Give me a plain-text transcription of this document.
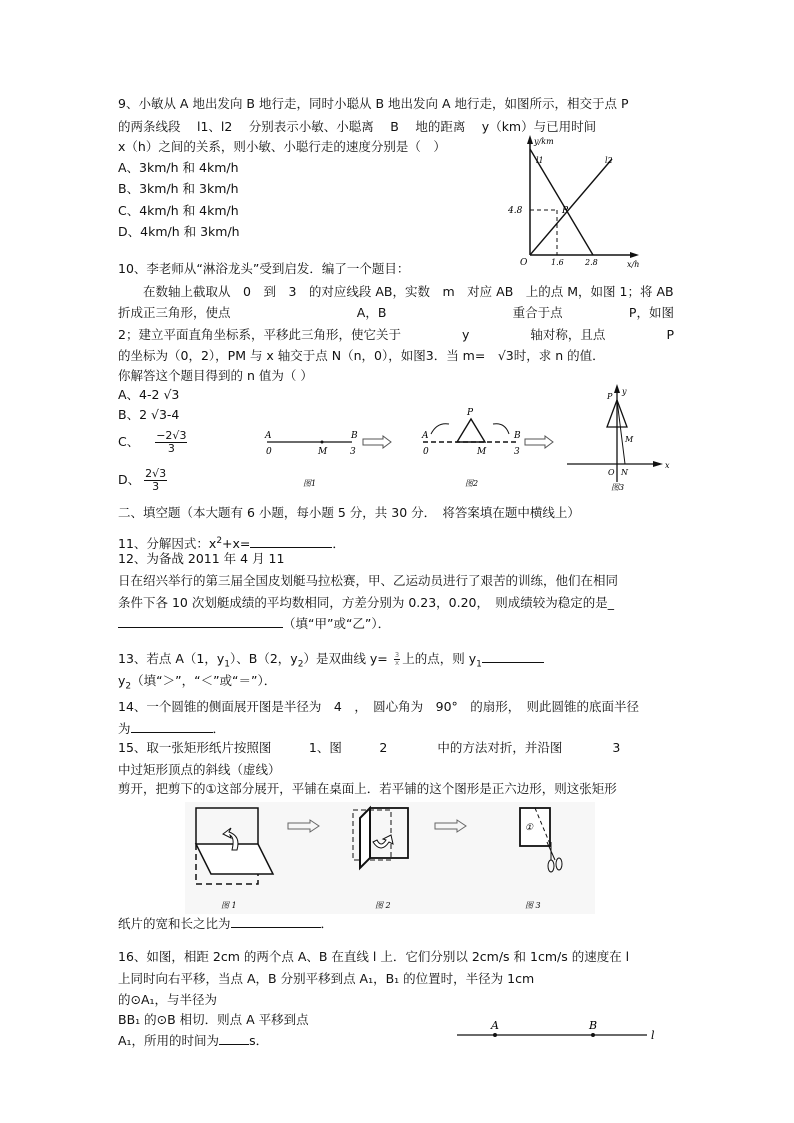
9、小敏从 A 地出发向 B 地行走，同时小聪从 B 地出发向 A 地行走，如图所示，相交于点 P
的两条线段　 l1、l2　 分别表示小敏、小聪离　 B　 地的距离　 y（km）与已用时间
x（h）之间的关系，则小敏、小聪行走的速度分别是（　）
A、3km/h 和 4km/h
B、3km/h 和 3km/h
C、4km/h 和 4km/h
D、4km/h 和 3km/h
y/km
l1	l2
P
4.8
O	1.6	2.8	x/h
10、李老师从“淋浴龙头”受到启发．编了一个题目：
　　在数轴上截取从　0　到　3　的对应线段 AB，实数　m　对应 AB　上的点 M，如图 1；将 AB
折成正三角形，使点	A，B	重合于点	P，如图
2；建立平面直角坐标系，平移此三角形，使它关于	y	轴对称，且点	P
的坐标为（0，2），PM 与 x 轴交于点 N（n，0），如图3．当 m=　√3时，求 n 的值．
你解答这个题目得到的 n 值为（ ）
A、4-2 √3
B、2 √3-4
C、 $\frac{-2√3}{3}$
D、 $\frac{2√3}{3}$
A	B
0	M	3
图1
A	B
P
0	M	3
图2
P
y
M
O N
x
图3
二、填空题（本大题有 6 小题，每小题 5 分，共 30 分．　将答案填在题中横线上）
11、分解因式：$x^2+x=$	．
12、为备战 2011 年 4 月 11
日在绍兴举行的第三届全国皮划艇马拉松赛，甲、乙运动员进行了艰苦的训练，他们在相同
条件下各 10 次划艇成绩的平均数相同，方差分别为 0.23，0.20，　则成绩较为稳定的是_
（填“甲”或“乙”）．
13、若点 A（1，$y_1$）、B（2，$y_2$）是双曲线 $y= \frac{3}{x}$ 上的点，则 $y_1$
$y_2$（填“＞”，“＜”或“＝”）．
14、一个圆锥的侧面展开图是半径为　4　，　圆心角为　90°　的扇形，　则此圆锥的底面半径
为	．
15、取一张矩形纸片按照图　　　1、图　　　2　　　　中的方法对折，并沿图　　　　3
中过矩形顶点的斜线（虚线）
剪开，把剪下的①这部分展开，平铺在桌面上．若平铺的这个图形是正六边形，则这张矩形
图 1	图 2
①
图 3
纸片的宽和长之比为	．
16、如图，相距 2cm 的两个点 A、B 在直线 l 上．它们分别以 2cm/s 和 1cm/s 的速度在 l
上同时向右平移，当点 A，B 分别平移到点 A₁，B₁ 的位置时，半径为 1cm
的⊙A₁，与半径为
BB₁ 的⊙B 相切．则点 A 平移到点
A₁，所用的时间为 s．
A	B
l
